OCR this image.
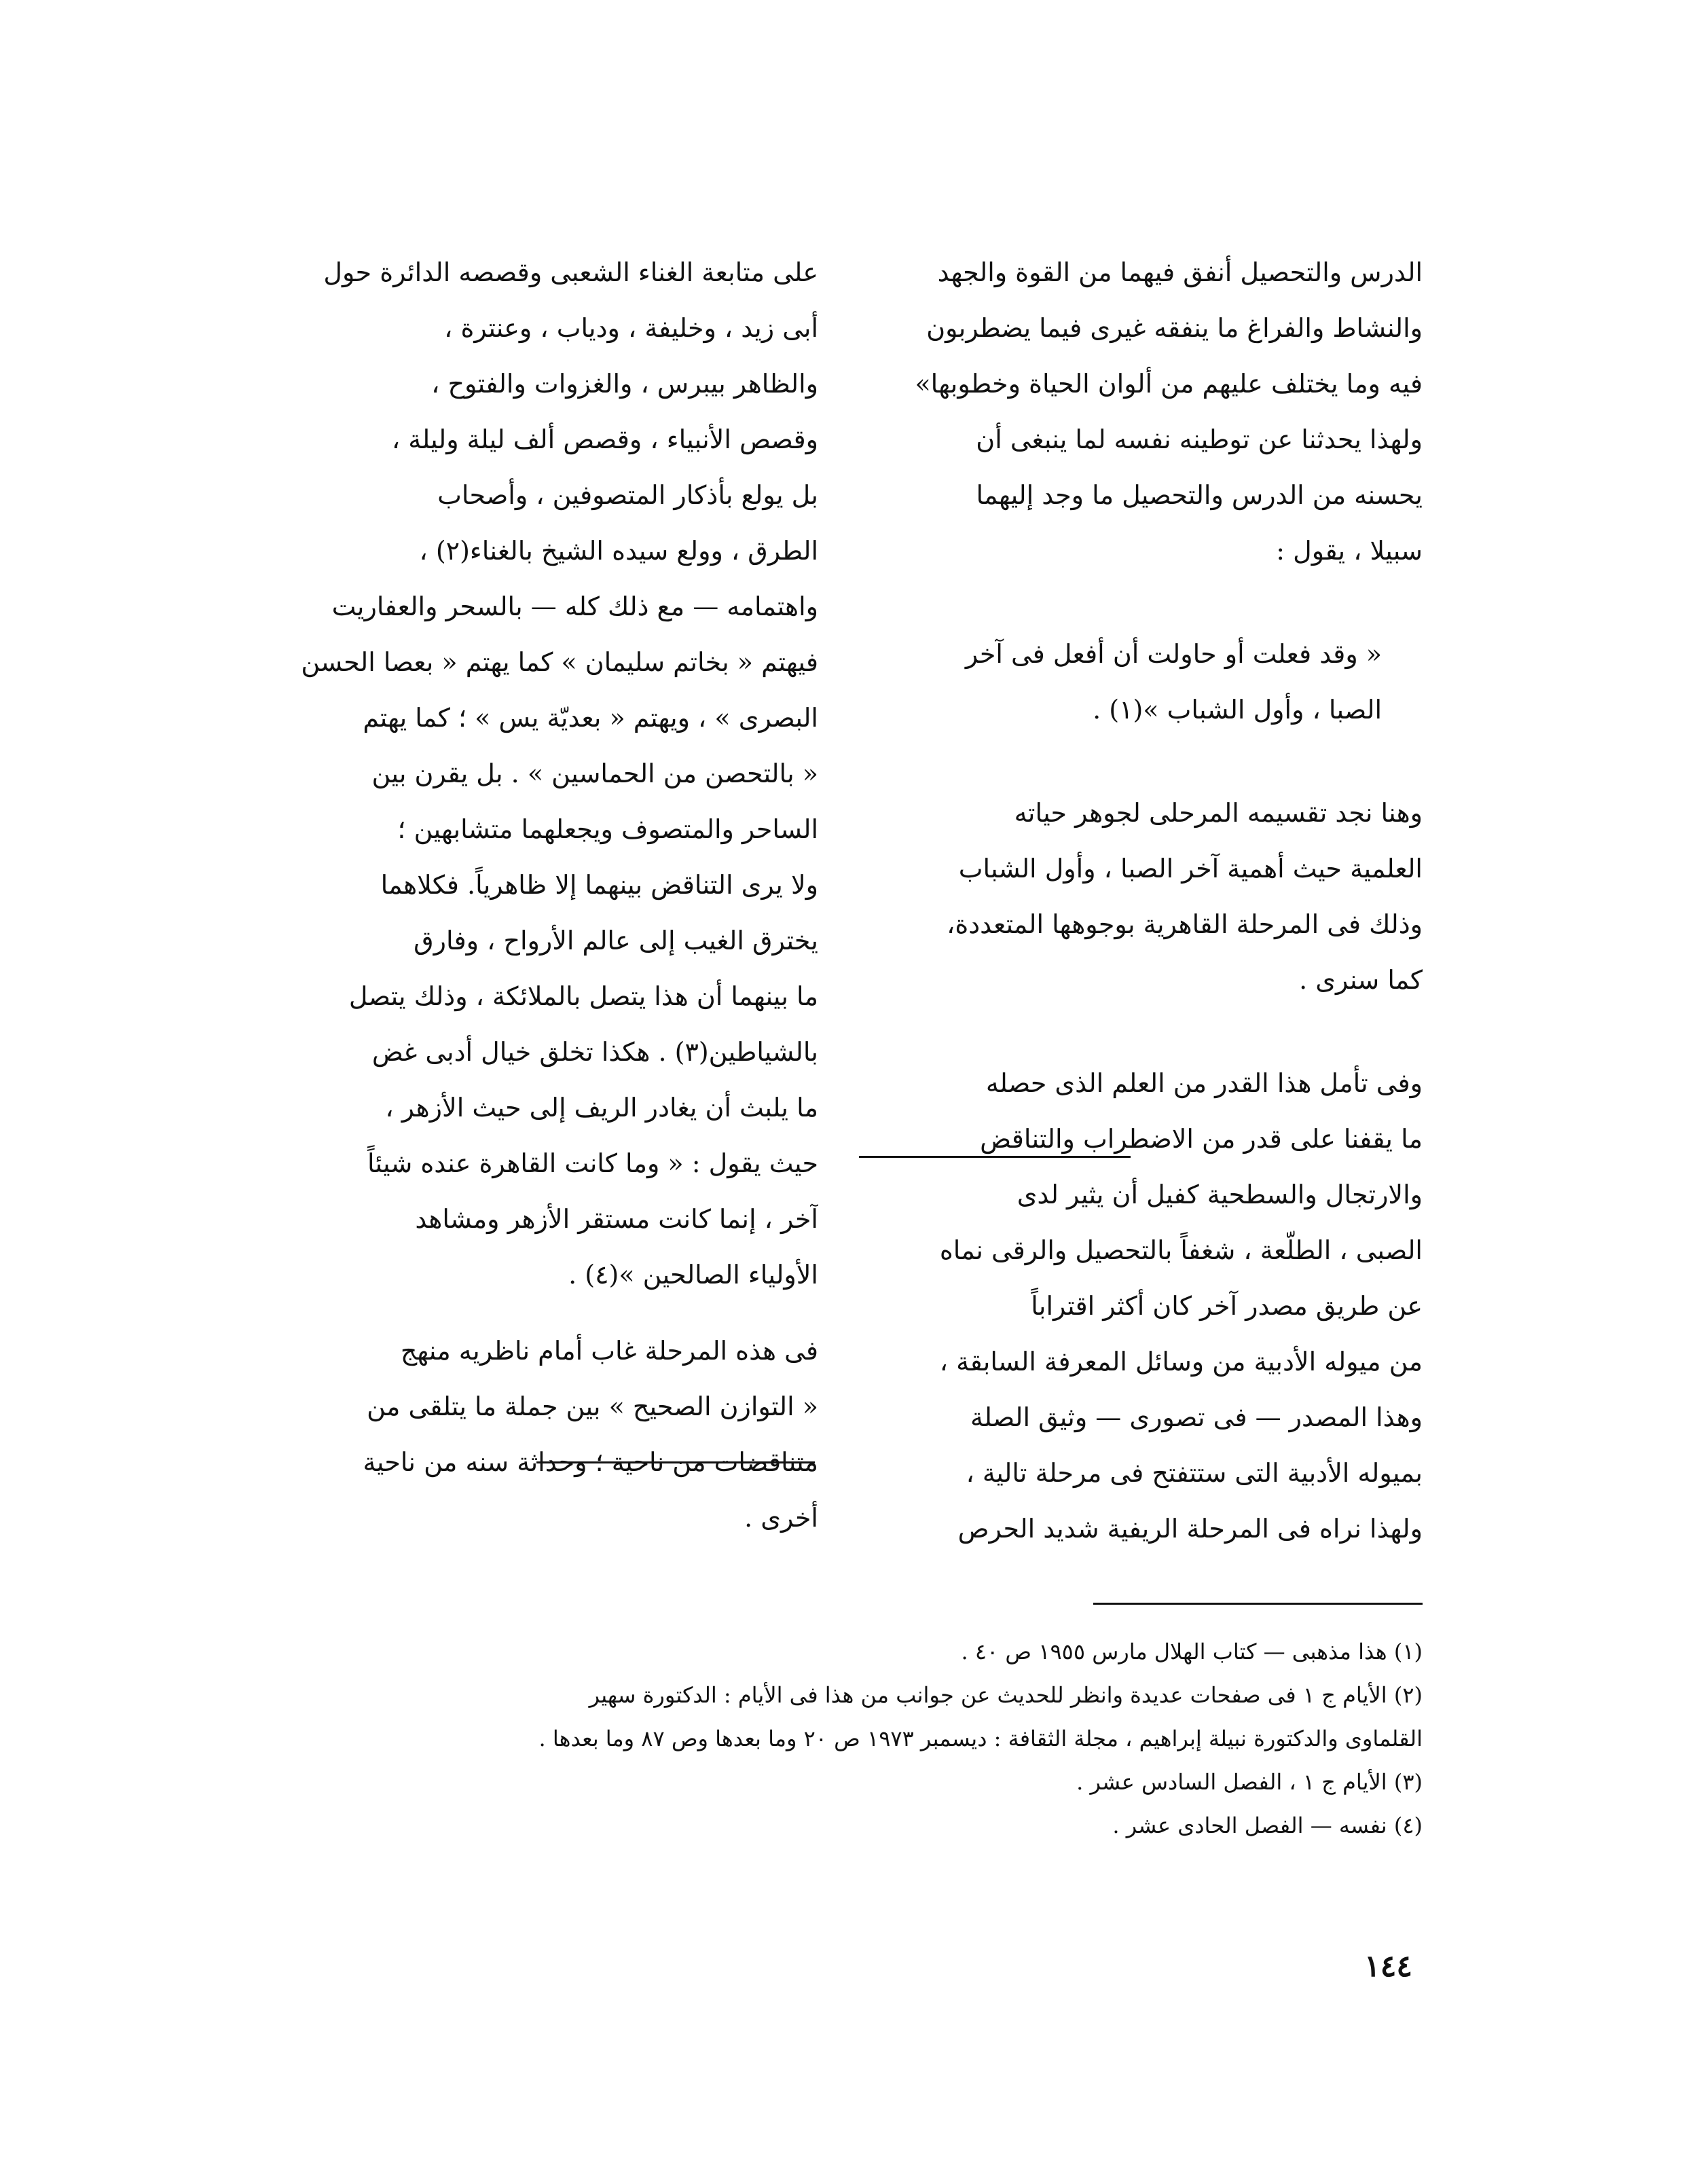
الدرس والتحصيل أنفق فيهما من القوة والجهد
والنشاط والفراغ ما ينفقه غيرى فيما يضطربون
فيه وما يختلف عليهم من ألوان الحياة وخطوبها»
ولهذا يحدثنا عن توطينه نفسه لما ينبغى أن
يحسنه من الدرس والتحصيل ما وجد إليهما
سبيلا ، يقول :

« وقد فعلت أو حاولت أن أفعل فى آخر
الصبا ، وأول الشباب »(١) .

وهنا نجد تقسيمه المرحلى لجوهر حياته
العلمية حيث أهمية آخر الصبا ، وأول الشباب
وذلك فى المرحلة القاهرية بوجوهها المتعددة،
كما سنرى .

وفى تأمل هذا القدر من العلم الذى حصله
ما يقفنا على قدر من الاضطراب والتناقض
والارتجال والسطحية كفيل أن يثير لدى
الصبى ، الطلّعة ، شغفاً بالتحصيل والرقى نماه
عن طريق مصدر آخر كان أكثر اقتراباً
من ميوله الأدبية من وسائل المعرفة السابقة ،
وهذا المصدر — فى تصورى — وثيق الصلة
بميوله الأدبية التى ستتفتح فى مرحلة تالية ،
ولهذا نراه فى المرحلة الريفية شديد الحرص

على متابعة الغناء الشعبى وقصصه الدائرة حول
أبى زيد ، وخليفة ، ودياب ، وعنترة ،
والظاهر بيبرس ، والغزوات والفتوح ،
وقصص الأنبياء ، وقصص ألف ليلة وليلة ،
بل يولع بأذكار المتصوفين ، وأصحاب
الطرق ، وولع سيده الشيخ بالغناء(٢) ،
واهتمامه — مع ذلك كله — بالسحر والعفاريت
فيهتم « بخاتم سليمان » كما يهتم « بعصا الحسن
البصرى » ، ويهتم « بعديّة يس » ؛ كما يهتم
« بالتحصن من الحماسين » . بل يقرن بين
الساحر والمتصوف ويجعلهما متشابهين ؛
ولا يرى التناقض بينهما إلا ظاهرياً. فكلاهما
يخترق الغيب إلى عالم الأرواح ، وفارق
ما بينهما أن هذا يتصل بالملائكة ، وذلك يتصل
بالشياطين(٣) . هكذا تخلق خيال أدبى غض
ما يلبث أن يغادر الريف إلى حيث الأزهر ،
حيث يقول : « وما كانت القاهرة عنده شيئاً
آخر ، إنما كانت مستقر الأزهر ومشاهد
الأولياء الصالحين »(٤) .

فى هذه المرحلة غاب أمام ناظريه منهج
« التوازن الصحيح » بين جملة ما يتلقى من
متناقضات من ناحية ؛ وحداثة سنه من ناحية
أخرى .

(١) هذا مذهبى — كتاب الهلال مارس ١٩٥٥ ص ٤٠ .
(٢) الأيام ج ١ فى صفحات عديدة وانظر للحديث عن جوانب من هذا فى الأيام : الدكتورة سهير
القلماوى والدكتورة نبيلة إبراهيم ، مجلة الثقافة : ديسمبر ١٩٧٣ ص ٢٠ وما بعدها وص ٨٧ وما بعدها .
(٣) الأيام ج ١ ، الفصل السادس عشر .
(٤) نفسه — الفصل الحادى عشر .
١٤٤
